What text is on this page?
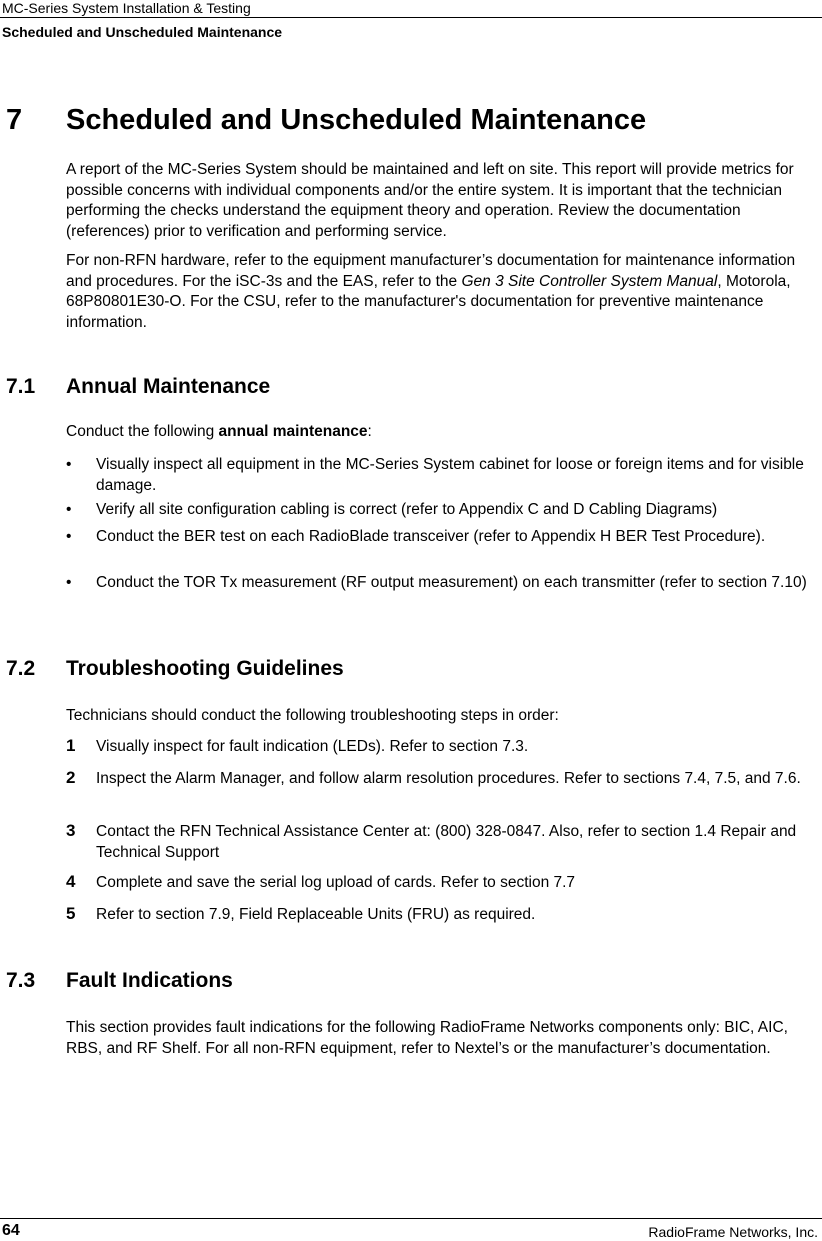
MC-Series System Installation & Testing
Scheduled and Unscheduled Maintenance
7 Scheduled and Unscheduled Maintenance

A report of the MC-Series System should be maintained and left on site. This report will provide metrics for possible concerns with individual components and/or the entire system. It is important that the technician performing the checks understand the equipment theory and operation. Review the documentation (references) prior to verification and performing service.

For non-RFN hardware, refer to the equipment manufacturer’s documentation for maintenance information and procedures. For the iSC-3s and the EAS, refer to the Gen 3 Site Controller System Manual, Motorola, 68P80801E30-O. For the CSU, refer to the manufacturer's documentation for preventive maintenance information.

7.1 Annual Maintenance

Conduct the following annual maintenance:

• Visually inspect all equipment in the MC-Series System cabinet for loose or foreign items and for visible damage.
• Verify all site configuration cabling is correct (refer to Appendix C and D Cabling Diagrams)
• Conduct the BER test on each RadioBlade transceiver (refer to Appendix H BER Test Procedure).
• Conduct the TOR Tx measurement (RF output measurement) on each transmitter (refer to section 7.10)
7.2 Troubleshooting Guidelines

Technicians should conduct the following troubleshooting steps in order:

1 Visually inspect for fault indication (LEDs). Refer to section 7.3.
2 Inspect the Alarm Manager, and follow alarm resolution procedures. Refer to sections 7.4, 7.5, and 7.6.
3 Contact the RFN Technical Assistance Center at: (800) 328-0847. Also, refer to section 1.4 Repair and Technical Support
4 Complete and save the serial log upload of cards. Refer to section 7.7
5 Refer to section 7.9, Field Replaceable Units (FRU) as required.
7.3 Fault Indications

This section provides fault indications for the following RadioFrame Networks components only: BIC, AIC, RBS, and RF Shelf. For all non-RFN equipment, refer to Nextel’s or the manufacturer’s documentation.

64	RadioFrame Networks, Inc.
